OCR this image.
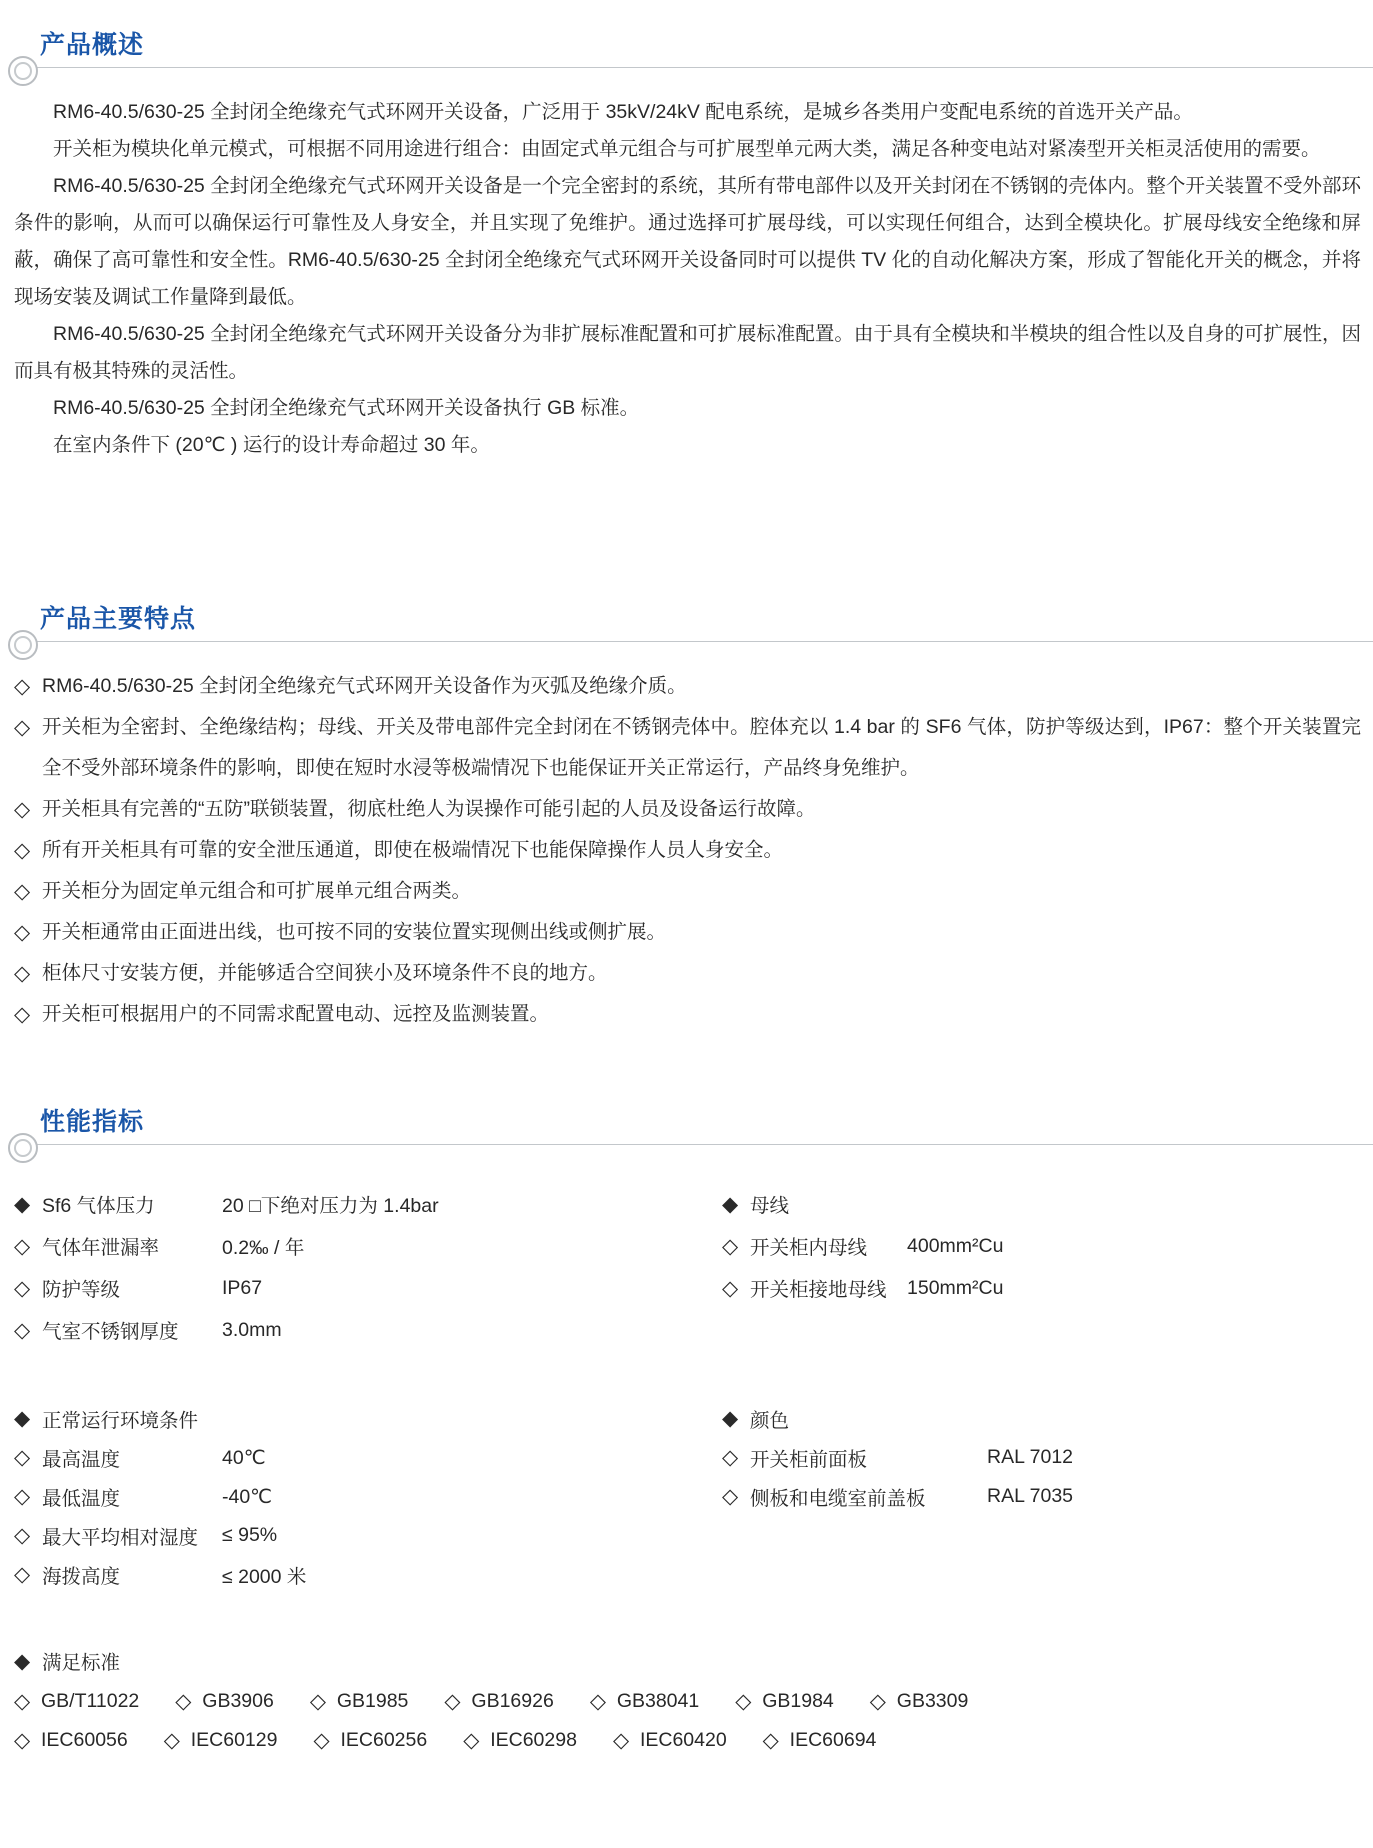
产品概述

RM6-40.5/630-25 全封闭全绝缘充气式环网开关设备，广泛用于 35kV/24kV 配电系统，是城乡各类用户变配电系统的首选开关产品。

开关柜为模块化单元模式，可根据不同用途进行组合：由固定式单元组合与可扩展型单元两大类，满足各种变电站对紧凑型开关柜灵活使用的需要。

RM6-40.5/630-25 全封闭全绝缘充气式环网开关设备是一个完全密封的系统，其所有带电部件以及开关封闭在不锈钢的壳体内。整个开关装置不受外部环条件的影响，从而可以确保运行可靠性及人身安全，并且实现了免维护。通过选择可扩展母线，可以实现任何组合，达到全模块化。扩展母线安全绝缘和屏蔽，确保了高可靠性和安全性。RM6-40.5/630-25 全封闭全绝缘充气式环网开关设备同时可以提供 TV 化的自动化解决方案，形成了智能化开关的概念，并将现场安装及调试工作量降到最低。

RM6-40.5/630-25 全封闭全绝缘充气式环网开关设备分为非扩展标准配置和可扩展标准配置。由于具有全模块和半模块的组合性以及自身的可扩展性，因而具有极其特殊的灵活性。

RM6-40.5/630-25 全封闭全绝缘充气式环网开关设备执行 GB 标准。

在室内条件下 (20℃ ) 运行的设计寿命超过 30 年。

产品主要特点
◇ RM6-40.5/630-25 全封闭全绝缘充气式环网开关设备作为灭弧及绝缘介质。
◇ 开关柜为全密封、全绝缘结构；母线、开关及带电部件完全封闭在不锈钢壳体中。腔体充以 1.4 bar 的 SF6 气体，防护等级达到，IP67：整个开关装置完全不受外部环境条件的影响，即使在短时水浸等极端情况下也能保证开关正常运行，产品终身免维护。
◇ 开关柜具有完善的“五防”联锁装置，彻底杜绝人为误操作可能引起的人员及设备运行故障。
◇ 所有开关柜具有可靠的安全泄压通道，即使在极端情况下也能保障操作人员人身安全。
◇ 开关柜分为固定单元组合和可扩展单元组合两类。
◇ 开关柜通常由正面进出线，也可按不同的安装位置实现侧出线或侧扩展。
◇ 柜体尺寸安装方便，并能够适合空间狭小及环境条件不良的地方。
◇ 开关柜可根据用户的不同需求配置电动、远控及监测装置。
性能指标
◆ Sf6 气体压力	20 □下绝对压力为 1.4bar
◇ 气体年泄漏率	0.2‰ / 年
◇ 防护等级	IP67
◇ 气室不锈钢厚度	3.0mm
◆ 母线
◇ 开关柜内母线	400mm²Cu
◇ 开关柜接地母线	150mm²Cu
◆ 正常运行环境条件
◇ 最高温度	40℃
◇ 最低温度	-40℃
◇ 最大平均相对湿度	≤ 95%
◇ 海拨高度	≤ 2000 米
◆ 颜色
◇ 开关柜前面板	RAL 7012
◇ 侧板和电缆室前盖板	RAL 7035
◆ 满足标准
◇ GB/T11022 ◇ GB3906 ◇ GB1985 ◇ GB16926 ◇ GB38041 ◇ GB1984 ◇ GB3309
◇ IEC60056 ◇ IEC60129 ◇ IEC60256 ◇ IEC60298 ◇ IEC60420 ◇ IEC60694
